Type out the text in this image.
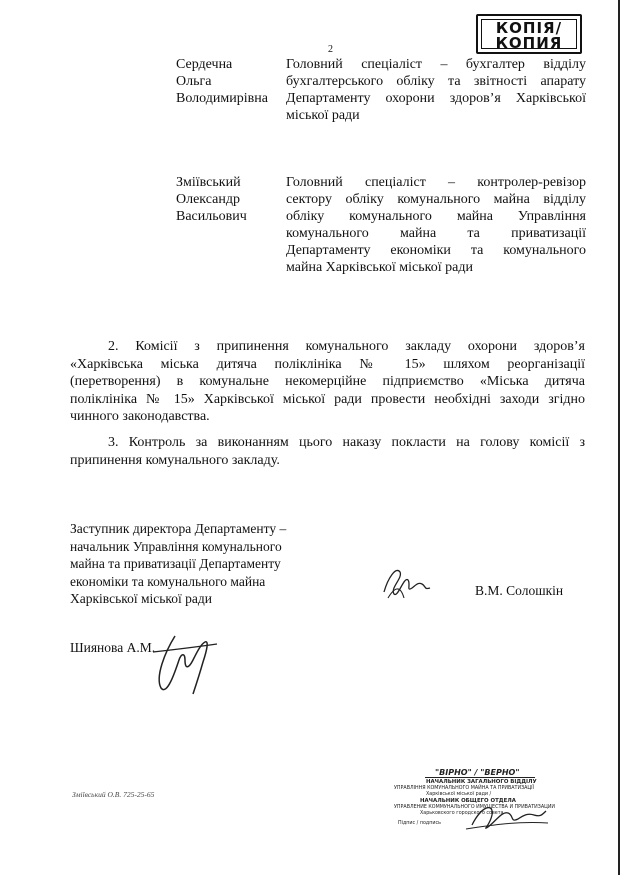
КОПІЯ/
КОПИЯ
2
Сердечна
Ольга
Володимирівна
Головний спеціаліст – бухгалтер відділу
бухгалтерського обліку та звітності апарату
Департаменту охорони здоров’я Харківської
міської ради
Зміївський
Олександр
Васильович
Головний спеціаліст – контролер-ревізор
сектору обліку комунального майна відділу
обліку комунального майна Управління
комунального майна та приватизації
Департаменту економіки та комунального
майна Харківської міської ради
2. Комісії з припинення комунального закладу охорони здоров’я
«Харківська міська дитяча поліклініка № 15» шляхом реорганізації
(перетворення) в комунальне некомерційне підприємство «Міська дитяча
поліклініка № 15» Харківської міської ради провести необхідні заходи згідно
чинного законодавства.
3. Контроль за виконанням цього наказу покласти на голову комісії з
припинення комунального закладу.
Заступник директора Департаменту –
начальник Управління комунального
майна та приватизації Департаменту
економіки та комунального майна
Харківської міської ради
В.М. Солошкін
Шиянова А.М.
Зміївський О.В. 725-25-65
"ВІРНО" / "ВЕРНО"
НАЧАЛЬНИК ЗАГАЛЬНОГО ВІДДІЛУ
УПРАВЛІННЯ КОМУНАЛЬНОГО МАЙНА ТА ПРИВАТИЗАЦІЇ
Харківської міської ради /
НАЧАЛЬНИК ОБЩЕГО ОТДЕЛА
УПРАВЛЕНИЕ КОММУНАЛЬНОГО ИМУЩЕСТВА И ПРИВАТИЗАЦИИ
Харьковского городского совета
Підпис / подпись
